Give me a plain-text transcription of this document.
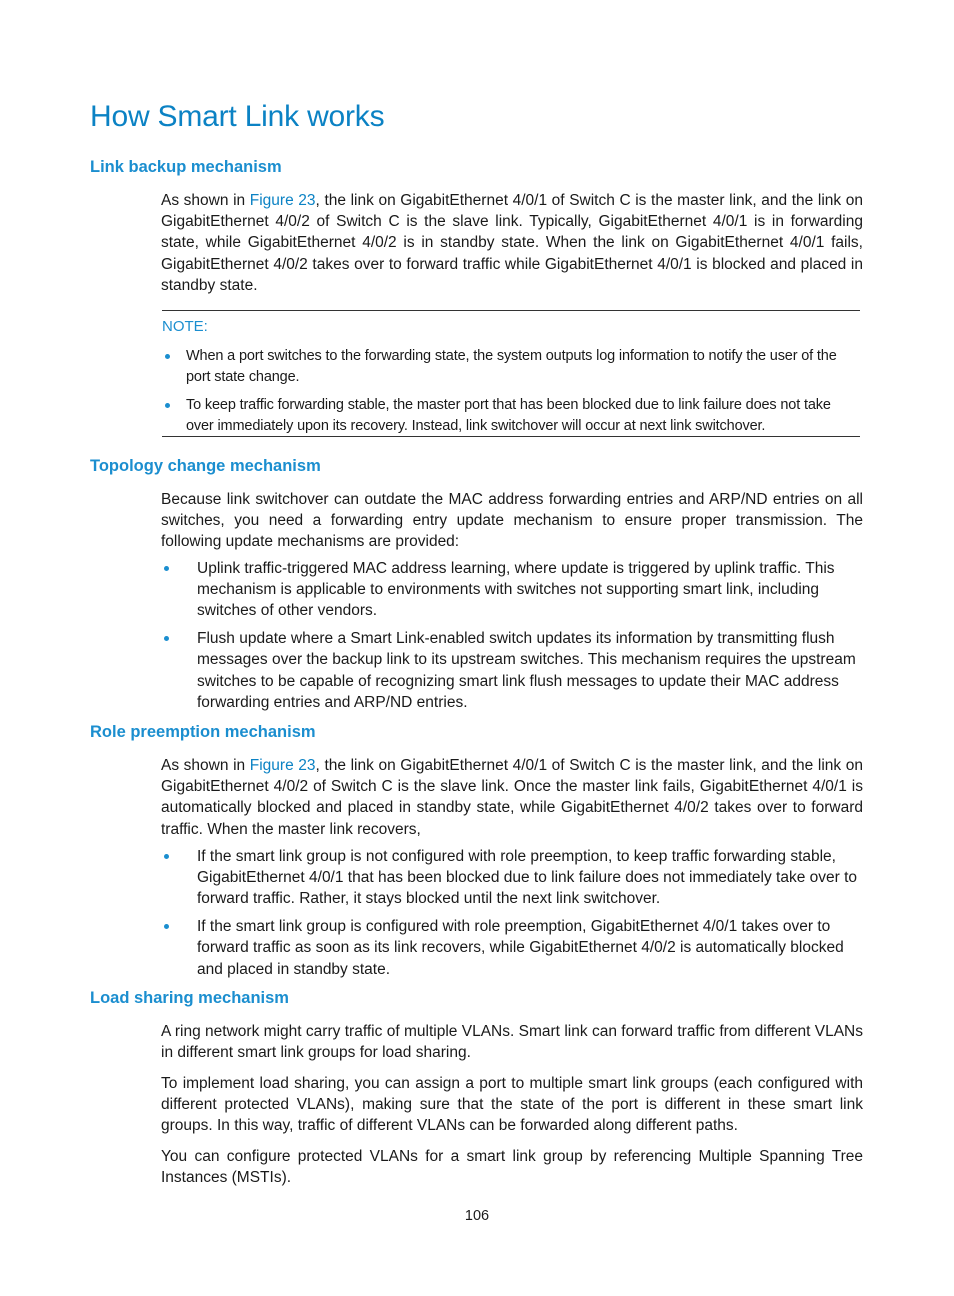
How Smart Link works
Link backup mechanism

As shown in Figure 23, the link on GigabitEthernet 4/0/1 of Switch C is the master link, and the link on GigabitEthernet 4/0/2 of Switch C is the slave link. Typically, GigabitEthernet 4/0/1 is in forwarding state, while GigabitEthernet 4/0/2 is in standby state. When the link on GigabitEthernet 4/0/1 fails, GigabitEthernet 4/0/2 takes over to forward traffic while GigabitEthernet 4/0/1 is blocked and placed in standby state.

NOTE:
When a port switches to the forwarding state, the system outputs log information to notify the user of the port state change.
To keep traffic forwarding stable, the master port that has been blocked due to link failure does not take over immediately upon its recovery. Instead, link switchover will occur at next link switchover.
Topology change mechanism

Because link switchover can outdate the MAC address forwarding entries and ARP/ND entries on all switches, you need a forwarding entry update mechanism to ensure proper transmission. The following update mechanisms are provided:

Uplink traffic-triggered MAC address learning, where update is triggered by uplink traffic. This mechanism is applicable to environments with switches not supporting smart link, including switches of other vendors.
Flush update where a Smart Link-enabled switch updates its information by transmitting flush messages over the backup link to its upstream switches. This mechanism requires the upstream switches to be capable of recognizing smart link flush messages to update their MAC address forwarding entries and ARP/ND entries.
Role preemption mechanism

As shown in Figure 23, the link on GigabitEthernet 4/0/1 of Switch C is the master link, and the link on GigabitEthernet 4/0/2 of Switch C is the slave link. Once the master link fails, GigabitEthernet 4/0/1 is automatically blocked and placed in standby state, while GigabitEthernet 4/0/2 takes over to forward traffic. When the master link recovers,

If the smart link group is not configured with role preemption, to keep traffic forwarding stable, GigabitEthernet 4/0/1 that has been blocked due to link failure does not immediately take over to forward traffic. Rather, it stays blocked until the next link switchover.
If the smart link group is configured with role preemption, GigabitEthernet 4/0/1 takes over to forward traffic as soon as its link recovers, while GigabitEthernet 4/0/2 is automatically blocked and placed in standby state.
Load sharing mechanism

A ring network might carry traffic of multiple VLANs. Smart link can forward traffic from different VLANs in different smart link groups for load sharing.

To implement load sharing, you can assign a port to multiple smart link groups (each configured with different protected VLANs), making sure that the state of the port is different in these smart link groups. In this way, traffic of different VLANs can be forwarded along different paths.

You can configure protected VLANs for a smart link group by referencing Multiple Spanning Tree Instances (MSTIs).

106
